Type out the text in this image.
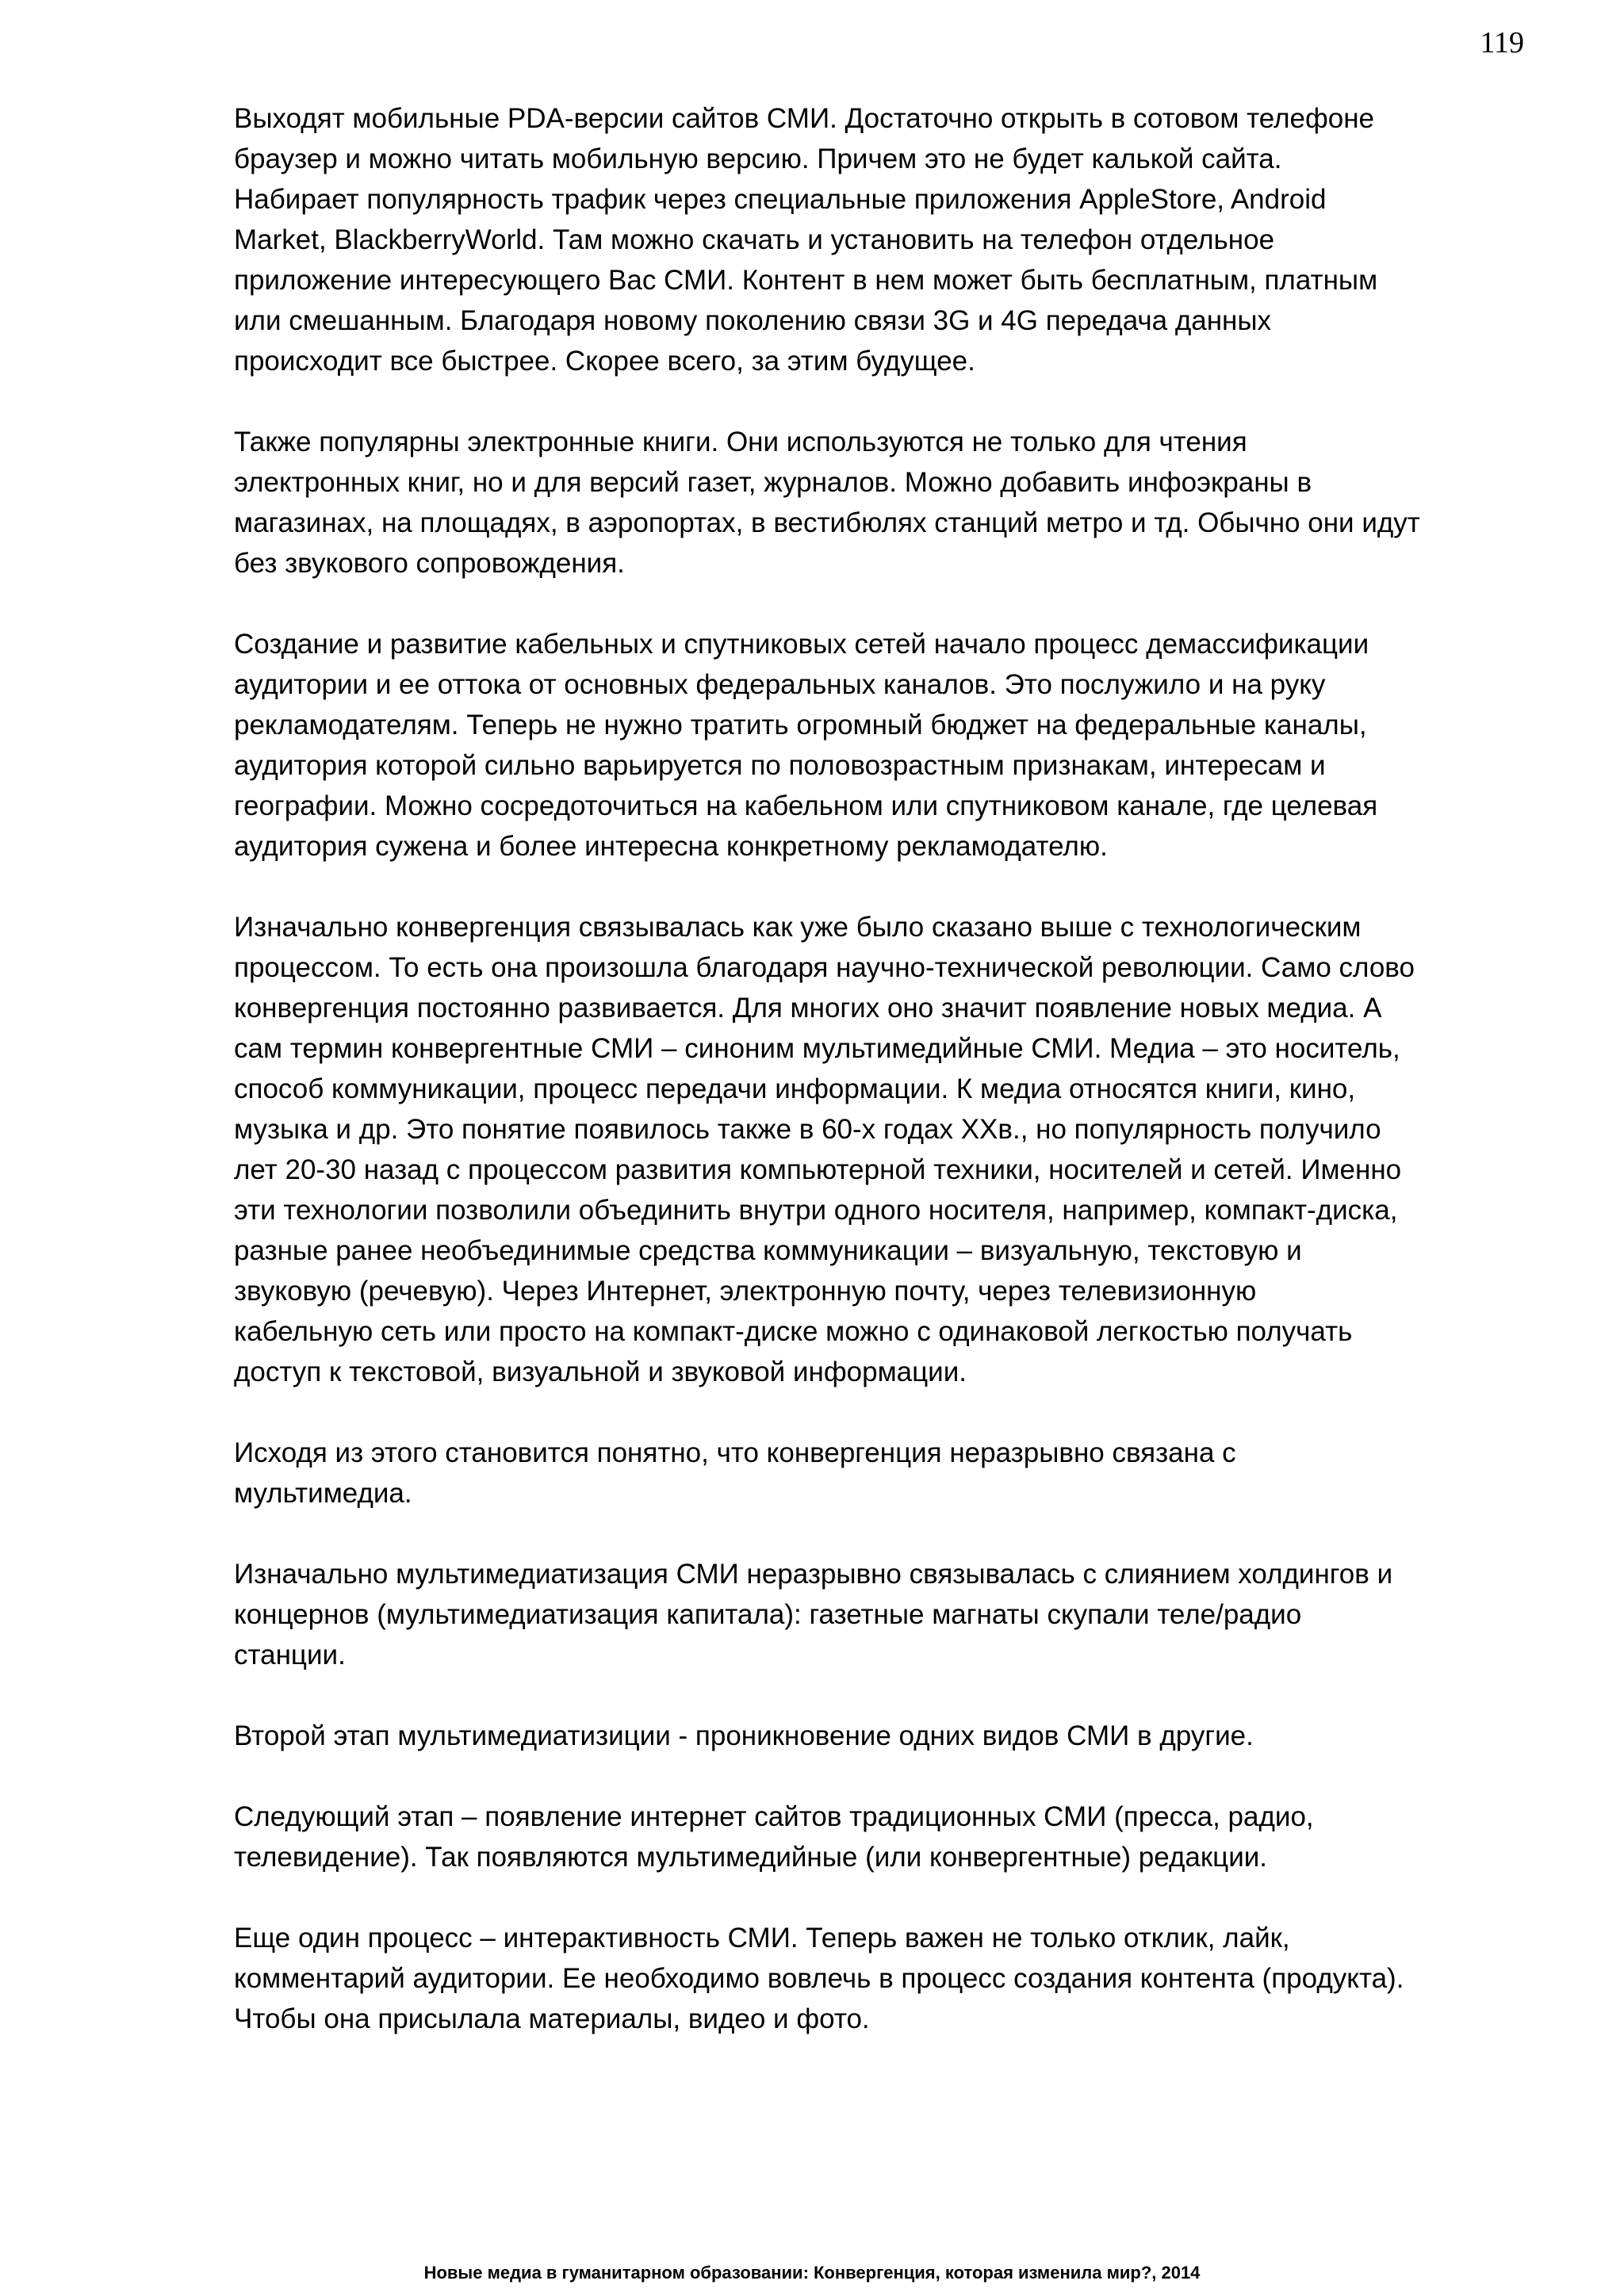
119

Выходят мобильные PDA-версии сайтов СМИ. Достаточно открыть в сотовом телефоне
браузер и можно читать мобильную версию. Причем это не будет калькой сайта.
Набирает популярность трафик через специальные приложения AppleStore, Android
Market, BlackberryWorld. Там можно скачать и установить на телефон отдельное
приложение интересующего Вас СМИ. Контент в нем может быть бесплатным, платным
или смешанным. Благодаря новому поколению связи 3G и 4G передача данных
происходит все быстрее. Скорее всего, за этим будущее.

Также популярны электронные книги. Они используются не только для чтения
электронных книг, но и для версий газет, журналов. Можно добавить инфоэкраны в
магазинах, на площадях, в аэропортах, в вестибюлях станций метро и тд. Обычно они идут
без звукового сопровождения.

Создание и развитие кабельных и спутниковых сетей начало процесс демассификации
аудитории и ее оттока от основных федеральных каналов. Это послужило и на руку
рекламодателям. Теперь не нужно тратить огромный бюджет на федеральные каналы,
аудитория которой сильно варьируется по половозрастным признакам, интересам и
географии. Можно сосредоточиться на кабельном или спутниковом канале, где целевая
аудитория сужена и более интересна конкретному рекламодателю.

Изначально конвергенция связывалась как уже было сказано выше с технологическим
процессом. То есть она произошла благодаря научно-технической революции. Само слово
конвергенция постоянно развивается. Для многих оно значит появление новых медиа. А
сам термин конвергентные СМИ – синоним мультимедийные СМИ. Медиа – это носитель,
способ коммуникации, процесс передачи информации. К медиа относятся книги, кино,
музыка и др. Это понятие появилось также в 60-х годах ХХв., но популярность получило
лет 20-30 назад с процессом развития компьютерной техники, носителей и сетей. Именно
эти технологии позволили объединить внутри одного носителя, например, компакт-диска,
разные ранее необъединимые средства коммуникации – визуальную, текстовую и
звуковую (речевую). Через Интернет, электронную почту, через телевизионную
кабельную сеть или просто на компакт-диске можно с одинаковой легкостью получать
доступ к текстовой, визуальной и звуковой информации.

Исходя из этого становится понятно, что конвергенция неразрывно связана с
мультимедиа.

Изначально мультимедиатизация СМИ неразрывно связывалась с слиянием холдингов и
концернов (мультимедиатизация капитала): газетные магнаты скупали теле/радио
станции.

Второй этап мультимедиатизиции - проникновение одних видов СМИ в другие.

Следующий этап – появление интернет сайтов традиционных СМИ (пресса, радио,
телевидение). Так появляются мультимедийные (или конвергентные) редакции.

Еще один процесс – интерактивность СМИ. Теперь важен не только отклик, лайк,
комментарий аудитории. Ее необходимо вовлечь в процесс создания контента (продукта).
Чтобы она присылала материалы, видео и фото.

Новые медиа в гуманитарном образовании: Конвергенция, которая изменила мир?, 2014
